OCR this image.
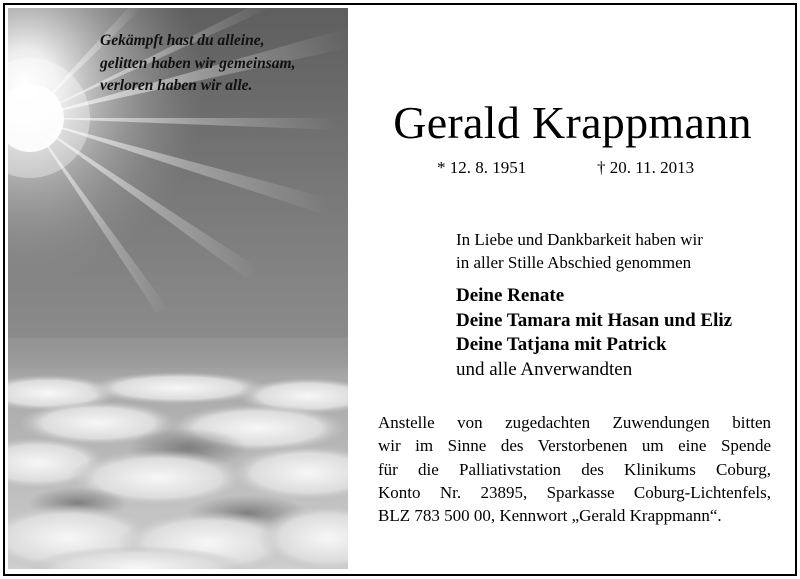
Gekämpft hast du alleine,
gelitten haben wir gemeinsam,
verloren haben wir alle.
Gerald Krappmann
* 12. 8. 1951	† 20. 11. 2013
In Liebe und Dankbarkeit haben wir
in aller Stille Abschied genommen
Deine Renate
Deine Tamara mit Hasan und Eliz
Deine Tatjana mit Patrick
und alle Anverwandten
Anstelle von zugedachten Zuwendungen bitten
wir im Sinne des Verstorbenen um eine Spende
für die Palliativstation des Klinikums Coburg,
Konto Nr. 23895, Sparkasse Coburg-Lichtenfels,
BLZ 783 500 00, Kennwort „Gerald Krappmann“.
